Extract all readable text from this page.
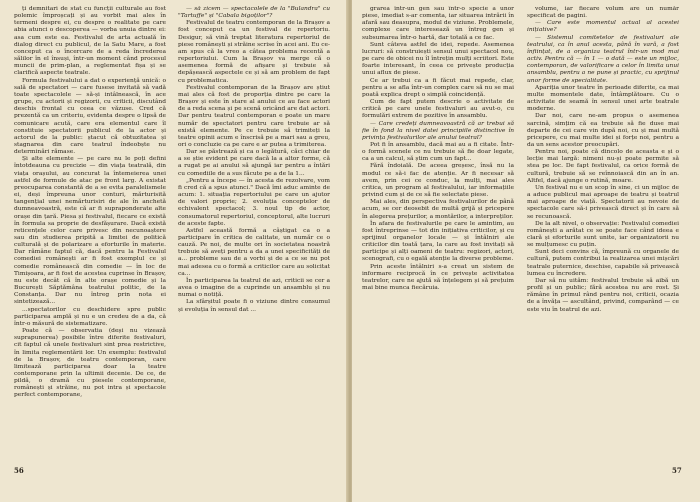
ți demnitari de stat cu funcții culturale au fost polemic împroșcați și au vorbit mai ales în termeni despre ei, cu despre o realitate pe care abia atunci o descoperea — vorba unuia dintre ei: asa cum este ea. Festivalul de arta actuală în dialog direct cu publicul, de la Satu Mare, a fost conceput ca o încercare de a reda încrederea sălilor în el însuși, într-un moment când procesul muncii de prim-plan, a reglementat fișa și se clarifică aspecte teatrale.

Formula festivalului a dat o experiență unică: o sală de spectatori — care fusese invitată să vadă toate spectacolele — să-și intâlnească, în ace grupe, cu actorii și regizorii, cu criticii, discutând deschis frontal cu ceea ce văzuse. Cred că prezentă ca un criteriu, evidenta despre o lipsă de comunicare acută, care era elementul care îl constituie spectatorii publicul de la actor și actorul de la public: ștacut că obtuzitatea și stagnarea din care teatrul îndeobște nu determinări rămase.

Și alte elemente — pe care nu le poți defini întotdeauna cu precizie — din viața teatrală, din viața orașului, au concurat la întemeierea unei astfel de formule de atac pe front larg. A existat preocuparea constantă de a se evita paralelismele ei, deși împreuna unor conturi, mărturisită tangențial unei nemărturisiri de ale în anchetă dumneavoastră, este că ar fi supraponderate alte orașe din țară. Piesa și festivalul, fiecare ce există în formula sa proprie de desfășurare. Dacă există reticențele celor care privesc din necunoaștere sau din studierea pripită a limitei de politică culturală și de polarizare a eforturile în materie. Dar rămâne faptul că, dacă pentru la Festivalul comediei românești ar fi fost exemplul ce și comedie românească din comedie — în loc de Timișoara, ar fi fost de acestea cuprinse în Brașov, nu este decât că în alte orașe comedie și la București Săptămâna teatrului politic, de la Constanța. Dar nu întreg prin nota ei sintetizează...

...spectatorilor cu deschidere spre public participarea amplă și nu e un credeu de a da, că într-o măsură de sistematizare.

Poate că — observatia (deși nu vizează suprapunerea) posibile între diferite festivaluri, cit faptul că unele festivaluri sint prea restrictive, în limita reglementării lor. Un exemplu: festivalul de la Brașov, de teatru contemporan, care limitează participarea doar la teatre contemporane prin la ultimii decenie. De ce, de pildă, o dramă cu piesele contemporane, românești și străine, nu pot intra și spectacole perfect contemporane,

— să zicem — spectacolele de la "Bulandra" cu "Tartuffe" și "Cabala bigoților"?

Festivalul de teatru contemporan de la Brașov a fost conceput ca un festival de repertoriu. Desigur, să vină treptat literatura repertoriul de piese românești și străine scrise în acei ani. Eu ce-am spus că la vreo a câtea problema recentă a repertoriului. Cum la Brașov va merge că o asemenea formă de afișare și trebuie să depășească aspectele ce și să am problem de fapt cu problematica.

Festivalul contemporan de la Brașov are știut mai ales că fost de proporția dintre pe care la Brașov și este în stare al anului ce au face actori de a reda scena și pe scenă oricând are dat actori. Dar pentru teatrul contemporan e poate un mare număr de spectatori pentru care trebuie ar să există elemente. Pe ce trebuie să trimiteți la teatre opinii acum e înscrisă pe a mari sau a greu, ori o concluzie ca pe care e ar putea a trimiterea.

Dar se păstrează și ca o legătură, căci chiar de a se știe evident pe care dacă la a altor forme, că a rugat pe ai anului să ajungă iar pentru a întări cu comediile de a sus făcute pe a de la 1...

„Pentru a începe — în acesta de rezolvare, vom fi cred că a spus atunci." Dacă îmi aduc aminte de acum: 1. situația repertoriului pe care un ajutor de valori proprie; 2. evoluția conceptelor de echivalent spectacol; 3. noul tip de actor, consumatorul repertoriul, conceptorul, alte lucruri de aceste fapte.

Astfel această formă a câștigat ca o a participare în critica de calitate, un număr ce o cauză. Pe noi, de multe ori în societatea noastră trebuie să aveți pentru a da a unei specificități de a... probleme sau de a vorbi și de a ce se nu pot mai adesea cu o formă a criticilor care au solicitat ca...

În participarea la teatrul de azi, criticii se cer a avea o imagine de a cuprinde un ansamblu și nu numai o notiță.

La sfârșitul poate fi o viziune dintre consumul și evoluția în sensul dat ...

56

grarea într-un gen sau într-o specie a unor piese, imediat s-ar comenta, iar situarea intrării în afară sau deasupra, modul de viziune. Problemele, complexe care interesează un întreg gen și subsumarea într-o hartă, dar totală a ce fac.

Sunt câteva astfel de idei, repede. Asemenea lucruri: să construiești sensul unui spectacol nou, pe care de obicei nu îl întrețin mulți scriitori. Este foarte interesant, în ceea ce privește producția unui aflux de piese.

Ce ar trebui ca a fi făcut mai repede, clar, pentru a se afla într-un complex care să nu se mai poată explica drept o simplă coincidență.

Cum de fapt putem descrie o activitate de critică pe care unele festivaluri au avut-o, cu formulări extrem de pozitive în ansamblu.

— Care credeți dumneavoastră că ar trebui să fie în fond la nivel datei principiile distinctive în privința festivalurilor ale anului teatral?

Pot fi în ansamblu, dacă mai au a fi citate. Într-o formă scenele ce nu trebuie să fie doar legate, ca a un calcul, să știm cum un fapt...

Fără îndoială. De aceea greșesc, însă nu la modul ce să-i fac de atenție. Ar fi necesar să avem, prin cei ce conduc, la mulți, mai ales critica, un program al festivalului, iar informațiile privind cum și de ce să fie selectate piese.

Mai ales, din perspectiva festivalurilor de până acum, se cer deosebit de multă grijă și pricepere în alegerea prețurilor, a montărilor, a interpreților.

În afara de festivalurile pe care le amintim, au fost întreprinse — tot din inițiativa criticilor, și cu sprijinul organelor locale — și întâlniri ale criticilor din toată țara, la care au fost invitați să participe și alți oameni de teatru: regizori, actori, scenografi, cu o egală atenție la diverse probleme.

Prin aceste întâlniri s-a creat un sistem de informare reciprocă în ce privește activitatea teatrelor, care ne ajută să înțelegem și să prețuim mai bine munca fiecăruia.

volume, iar fiecare volum are un număr specificat de pagini.

— Care este momentul actual al acestei inițiative?

— Sistemul comitetelor de festivaluri ale teatrului, ca în anul acesta, până în vară, a fost înființat, de a organiza teatrul într-un mod mai activ. Pentru că — în 1 — o dată — este un mijloc, contemporan, de valorificare a celor în limita unui ansamblu, pentru a ne pune și practic, cu sprijinul unor forme de specialitate.

Apariția unor teatre în perioade diferite, ca mai multe momentele date, întâmplătoare. Cu o activitate de seamă în sensul unei arte teatrale moderne.

Dar noi, care ne-am propus o asemenea sarcină, simțim că ea trebuie să fie duse mai departe de cei care vin după noi, cu și mai multă pricepere, cu mai multe idei și forțe noi, pentru a da un sens acestor preocupări.

Pentru noi, poate că dincolo de aceasta e și o lecție mai largă: nimeni nu-și poate permite să stea pe loc. De fapt festivalul, ca orice formă de cultură, trebuie să se reînnoiască din an în an. Altfel, dacă ajunge o rutină, moare.

Un festival nu e un scop în sine, ci un mijloc de a aduce publicul mai aproape de teatru și teatrul mai aproape de viață. Spectatorii au nevoie de spectacole care să-i privească direct și în care să se recunoască.

De la alt nivel, o observație: Festivalul comediei românești a arătat ce se poate face când ideea e clară și eforturile sunt unite, iar organizatorii nu se mulțumesc cu puțin.

Sunt deci convins că, împreună cu organele de cultură, putem contribui la realizarea unei mișcări teatrale puternice, deschise, capabile să privească lumea cu încredere.

Dar să nu uităm: festivalul trebuie să aibă un profil și un public; fără acestea nu are rost. Și rămâne în primul rând pentru noi, criticii, ocazia de a învăța — ascultând, privind, comparând — ce este viu în teatrul de azi.

57
